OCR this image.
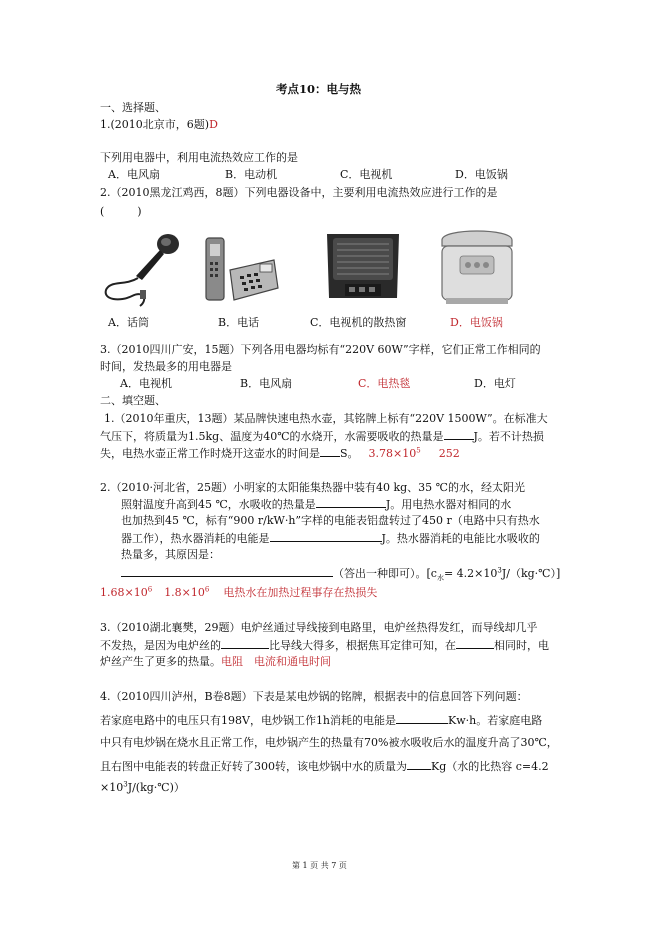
考点10：电与热
一、选择题、
1.(2010北京市，6题)D
下列用电器中，利用电流热效应工作的是
A．电风扇	B．电动机	C．电视机	D．电饭锅
2.（2010黑龙江鸡西，8题）下列电器设备中，主要利用电流热效应进行工作的是
(　　　)
A．话筒	B．电话	C．电视机的散热窗	D．电饭锅
3.（2010四川广安，15题）下列各用电器均标有“220V 60W”字样，它们正常工作相同的
时间，发热最多的用电器是
A．电视机	B．电风扇	C．电热毯	D．电灯
二、填空题、
1.（2010年重庆，13题）某品牌快速电热水壶，其铭牌上标有“220V 1500W”。在标准大
气压下，将质量为1.5kg、温度为40℃的水烧开，水需要吸收的热量是	J。若不计热损
失，电热水壶正常工作时烧开这壶水的时间是 S。 $3.78\times 10^5$ 252
2.（2010·河北省，25题）小明家的太阳能集热器中装有40 kg、35 ℃的水，经太阳光
照射温度升高到45 ℃，水吸收的热量是	J。用电热水器对相同的水
也加热到45 ℃，标有“900 r/kW·h”字样的电能表铝盘转过了450 r（电路中只有热水
器工作），热水器消耗的电能是	J。热水器消耗的电能比水吸收的
热量多，其原因是：
（答出一种即可）。[$c_水=$ $4.2\times 10^3J/(kg\cdot℃)$]
$1.68\times 10^6$ $1.8\times 10^6$ 电热水在加热过程事存在热损失
3.（2010湖北襄樊，29题）电炉丝通过导线接到电路里，电炉丝热得发红，而导线却几乎
不发热，是因为电炉丝的	比导线大得多，根据焦耳定律可知，在	相同时，电
炉丝产生了更多的热量。电阻　电流和通电时间
4.（2010四川泸州，B卷8题）下表是某电炒锅的铭牌，根据表中的信息回答下列问题：
若家庭电路中的电压只有198V，电炒锅工作1h消耗的电能是	Kw·h。若家庭电路
中只有电炒锅在烧水且正常工作，电炒锅产生的热量有70%被水吸收后水的温度升高了30℃，
且右图中电能表的转盘正好转了300转，该电炒锅中水的质量为 Kg（水的比热容 c=4.2
$\times 10^3J/(kg\cdot℃)$）
第 1 页 共 7 页
